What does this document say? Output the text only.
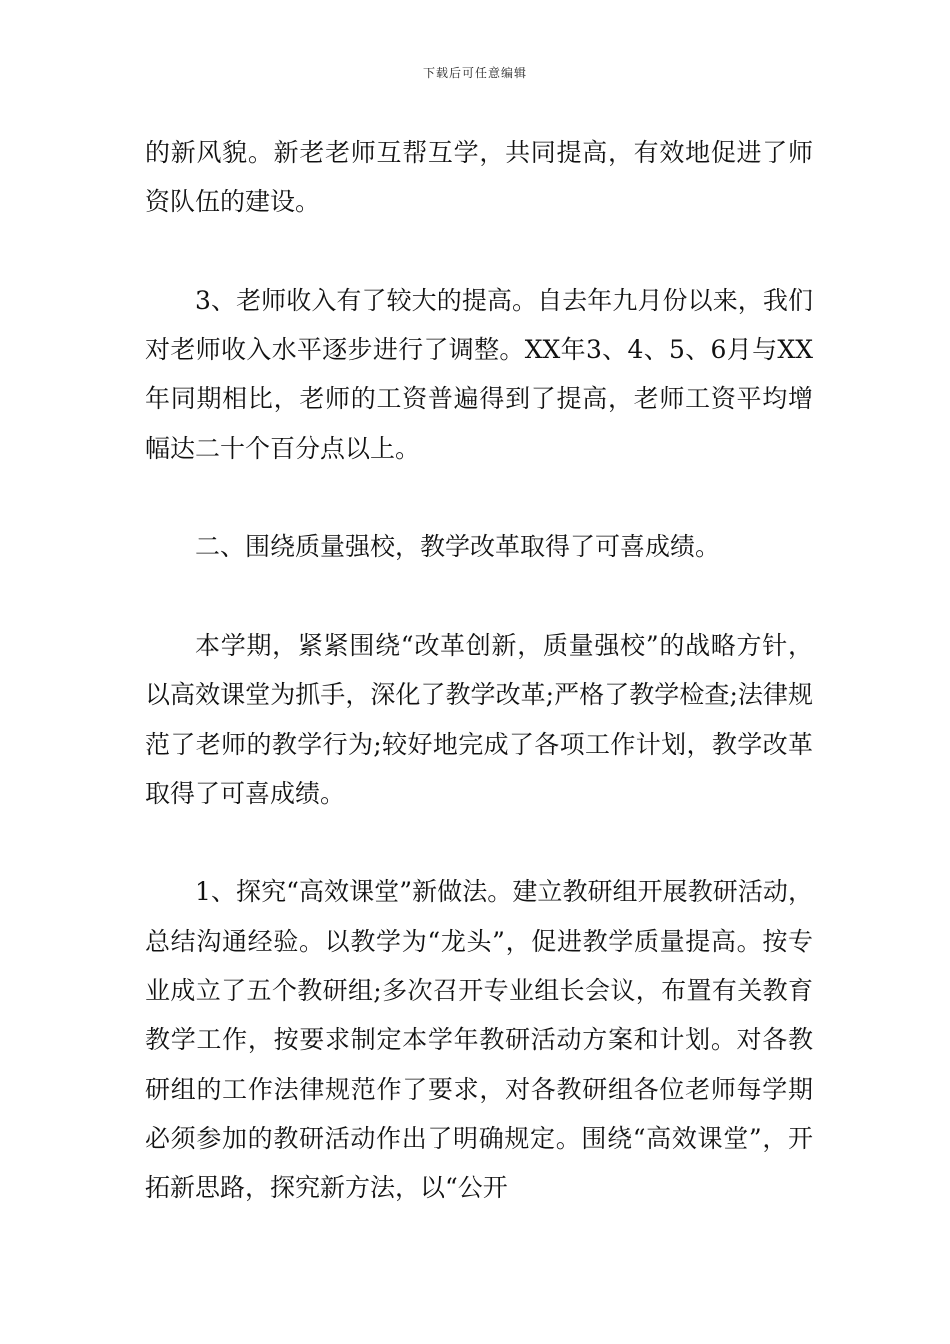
下载后可任意编辑

的新风貌。新老老师互帮互学，共同提高，有效地促进了师资队伍的建设。

3、老师收入有了较大的提高。自去年九月份以来，我们对老师收入水平逐步进行了调整。XX年3、4、5、6月与XX年同期相比，老师的工资普遍得到了提高，老师工资平均增幅达二十个百分点以上。

二、围绕质量强校，教学改革取得了可喜成绩。

本学期，紧紧围绕“改革创新，质量强校”的战略方针，以高效课堂为抓手，深化了教学改革;严格了教学检查;法律规范了老师的教学行为;较好地完成了各项工作计划，教学改革取得了可喜成绩。

1、探究“高效课堂”新做法。建立教研组开展教研活动，总结沟通经验。以教学为“龙头”，促进教学质量提高。按专业成立了五个教研组;多次召开专业组长会议，布置有关教育教学工作，按要求制定本学年教研活动方案和计划。对各教研组的工作法律规范作了要求，对各教研组各位老师每学期必须参加的教研活动作出了明确规定。围绕“高效课堂”，开拓新思路，探究新方法，以“公开
